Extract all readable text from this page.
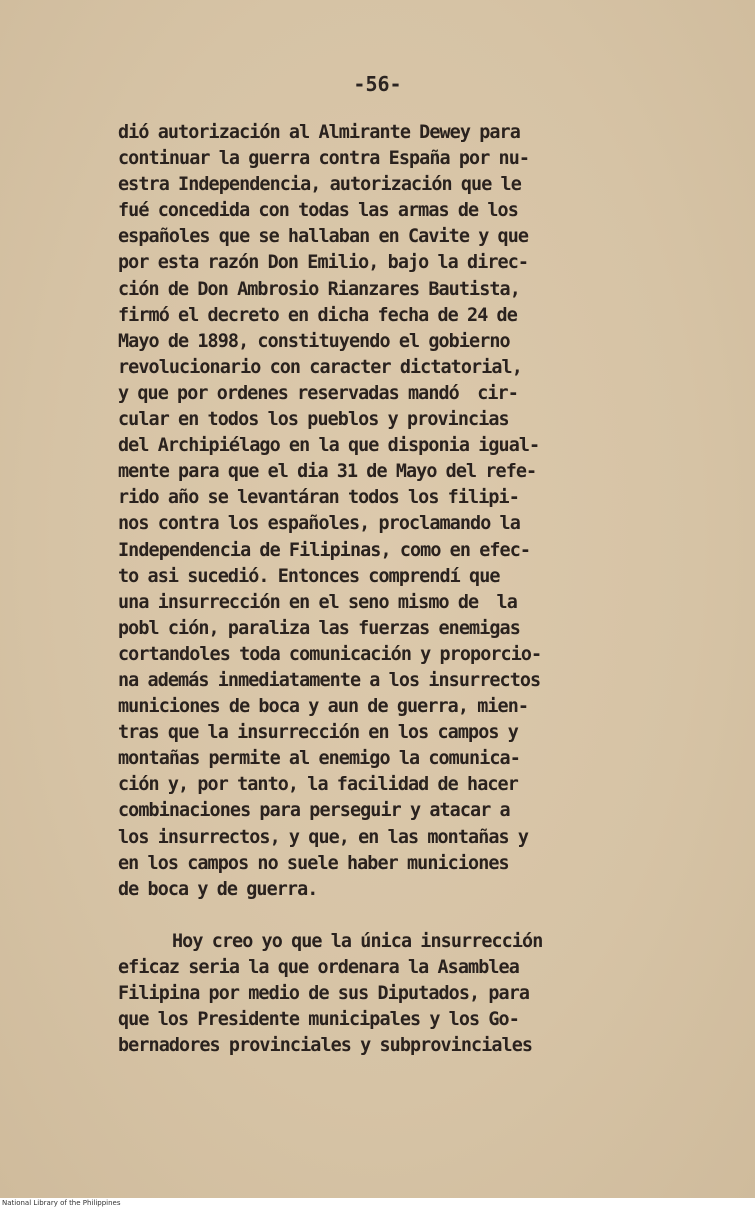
-56-
dió autorización al Almirante Dewey para
continuar la guerra contra España por nu-
estra Independencia, autorización que le
fué concedida con todas las armas de los
españoles que se hallaban en Cavite y que
por esta razón Don Emilio, bajo la direc-
ción de Don Ambrosio Rianzares Bautista,
firmó el decreto en dicha fecha de 24 de
Mayo de 1898, constituyendo el gobierno
revolucionario con caracter dictatorial,
y que por ordenes reservadas mandó  cir-
cular en todos los pueblos y provincias
del Archipiélago en la que disponia igual-
mente para que el dia 31 de Mayo del refe-
rido año se levantáran todos los filipi-
nos contra los españoles, proclamando la
Independencia de Filipinas, como en efec-
to asi sucedió. Entonces comprendí que
una insurrección en el seno mismo de  la
pobl ción, paraliza las fuerzas enemigas
cortandoles toda comunicación y proporcio-
na además inmediatamente a los insurrectos
municiones de boca y aun de guerra, mien-
tras que la insurrección en los campos y
montañas permite al enemigo la comunica-
ción y, por tanto, la facilidad de hacer
combinaciones para perseguir y atacar a
los insurrectos, y que, en las montañas y
en los campos no suele haber municiones
de boca y de guerra.
Hoy creo yo que la única insurrección
eficaz seria la que ordenara la Asamblea
Filipina por medio de sus Diputados, para
que los Presidente municipales y los Go-
bernadores provinciales y subprovinciales
National Library of the Philippines
